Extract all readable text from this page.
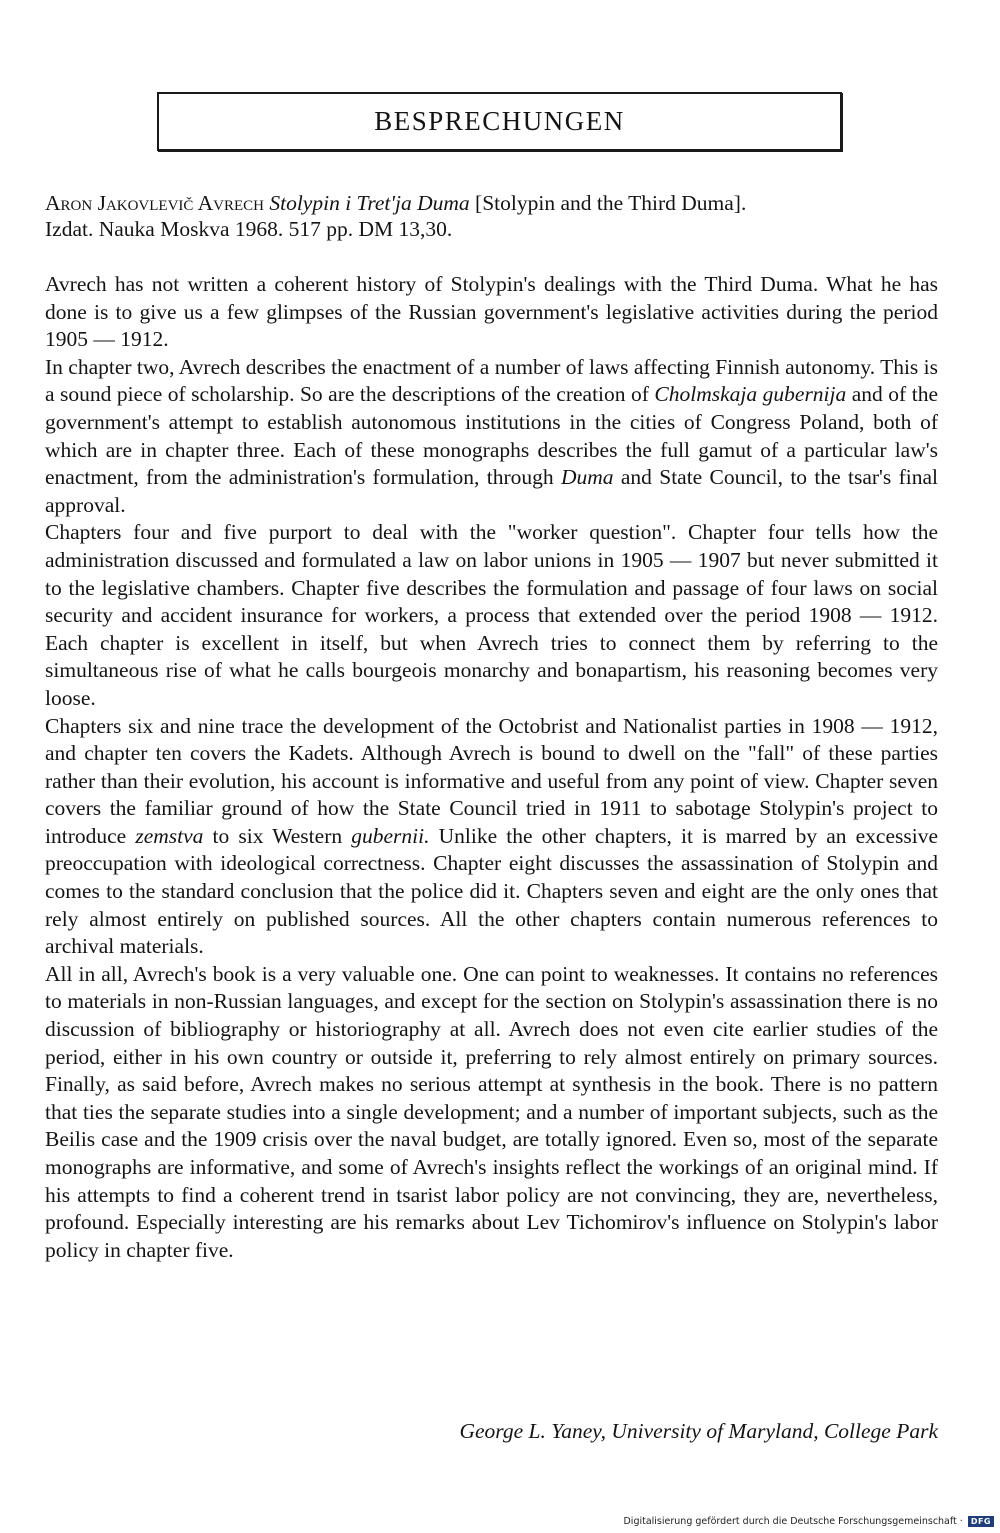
BESPRECHUNGEN
Aron Jakovlevič Avrech Stolypin i Tret'ja Duma [Stolypin and the Third Duma].
Izdat. Nauka Moskva 1968. 517 pp. DM 13,30.

Avrech has not written a coherent history of Stolypin's dealings with the Third Duma. What he has done is to give us a few glimpses of the Russian government's legislative activities during the period 1905 — 1912.

In chapter two, Avrech describes the enactment of a number of laws affecting Finnish autonomy. This is a sound piece of scholarship. So are the descriptions of the creation of Cholmskaja gubernija and of the government's attempt to establish autonomous institutions in the cities of Congress Poland, both of which are in chapter three. Each of these monographs describes the full gamut of a particular law's enactment, from the administration's formulation, through Duma and State Council, to the tsar's final approval.

Chapters four and five purport to deal with the "worker question". Chapter four tells how the administration discussed and formulated a law on labor unions in 1905 — 1907 but never submitted it to the legislative chambers. Chapter five describes the formulation and passage of four laws on social security and accident insurance for workers, a process that extended over the period 1908 — 1912. Each chapter is excellent in itself, but when Avrech tries to connect them by referring to the simultaneous rise of what he calls bourgeois monarchy and bonapartism, his reasoning becomes very loose.

Chapters six and nine trace the development of the Octobrist and Nationalist parties in 1908 — 1912, and chapter ten covers the Kadets. Although Avrech is bound to dwell on the "fall" of these parties rather than their evolution, his account is informative and useful from any point of view. Chapter seven covers the familiar ground of how the State Council tried in 1911 to sabotage Stolypin's project to introduce zemstva to six Western gubernii. Unlike the other chapters, it is marred by an excessive preoccupation with ideological correctness. Chapter eight discusses the assassination of Stolypin and comes to the standard conclusion that the police did it. Chapters seven and eight are the only ones that rely almost entirely on published sources. All the other chapters contain numerous references to archival materials.

All in all, Avrech's book is a very valuable one. One can point to weaknesses. It contains no references to materials in non-Russian languages, and except for the section on Stolypin's assassination there is no discussion of bibliography or historiography at all. Avrech does not even cite earlier studies of the period, either in his own country or outside it, preferring to rely almost entirely on primary sources. Finally, as said before, Avrech makes no serious attempt at synthesis in the book. There is no pattern that ties the separate studies into a single development; and a number of important subjects, such as the Beilis case and the 1909 crisis over the naval budget, are totally ignored. Even so, most of the separate monographs are informative, and some of Avrech's insights reflect the workings of an original mind. If his attempts to find a coherent trend in tsarist labor policy are not convincing, they are, nevertheless, profound. Especially interesting are his remarks about Lev Tichomirov's influence on Stolypin's labor policy in chapter five.

George L. Yaney, University of Maryland, College Park
Digitalisierung gefördert durch die Deutsche Forschungsgemeinschaft ·	DFG
